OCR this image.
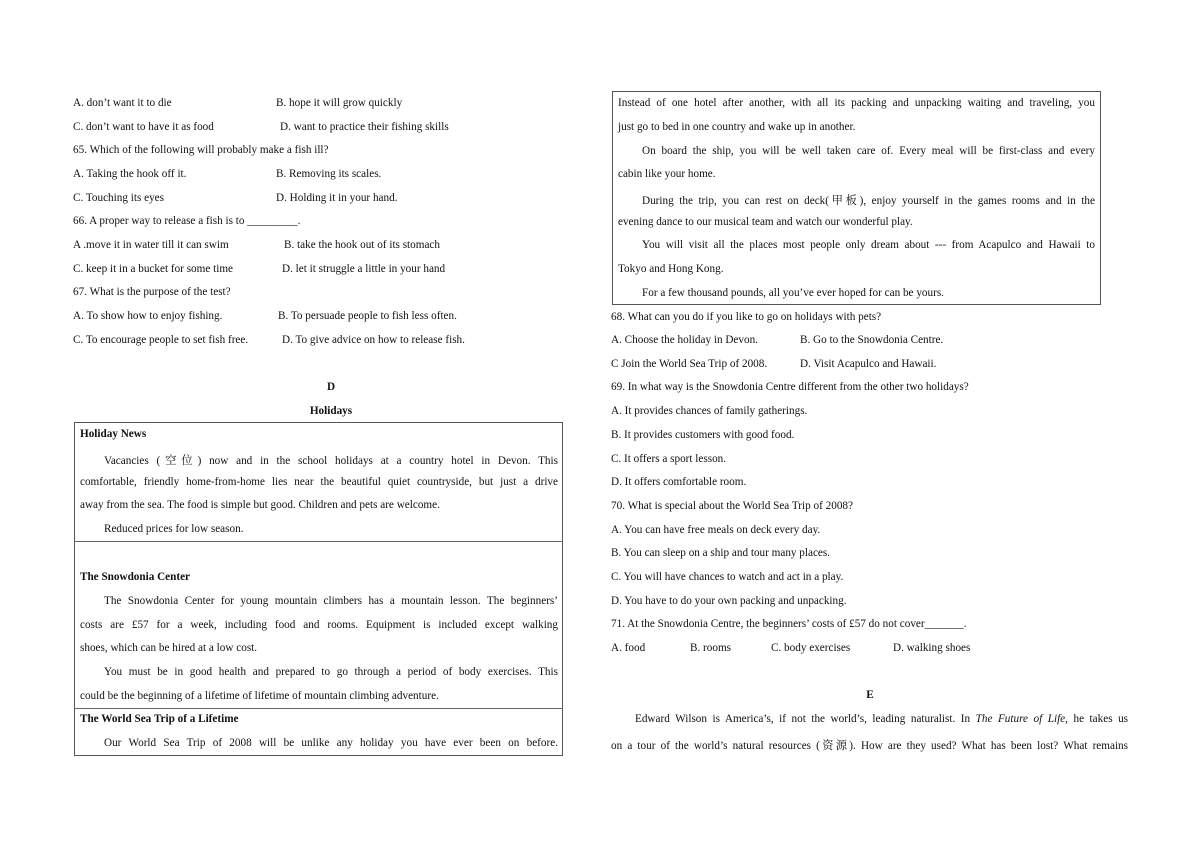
A. don’t want it to die	B. hope it will grow quickly
C. don’t want to have it as food	D. want to practice their fishing skills
65. Which of the following will probably make a fish ill?
A. Taking the hook off it.	B. Removing its scales.
C. Touching its eyes	D. Holding it in your hand.
66. A proper way to release a fish is to _________.
A .move it in water till it can swim	B. take the hook out of its stomach
C. keep it in a bucket for some time	D. let it struggle a little in your hand
67. What is the purpose of the test?
A. To show how to enjoy fishing.	B. To persuade people to fish less often.
C. To encourage people to set fish free.	D. To give advice on how to release fish.
D
Holidays
Holiday News
Vacancies (空位) now and in the school holidays at a country hotel in Devon. This
comfortable, friendly home-from-home lies near the beautiful quiet countryside, but just a drive
away from the sea. The food is simple but good. Children and pets are welcome.
Reduced prices for low season.
The Snowdonia Center
The Snowdonia Center for young mountain climbers has a mountain lesson. The beginners’
costs are £57 for a week, including food and rooms. Equipment is included except walking
shoes, which can be hired at a low cost.
You must be in good health and prepared to go through a period of body exercises. This
could be the beginning of a lifetime of lifetime of mountain climbing adventure.
The World Sea Trip of a Lifetime
Our World Sea Trip of 2008 will be unlike any holiday you have ever been on before.
Instead of one hotel after another, with all its packing and unpacking waiting and traveling, you
just go to bed in one country and wake up in another.
On board the ship, you will be well taken care of. Every meal will be first-class and every
cabin like your home.
During the trip, you can rest on deck(甲板), enjoy yourself in the games rooms and in the
evening dance to our musical team and watch our wonderful play.
You will visit all the places most people only dream about --- from Acapulco and Hawaii to
Tokyo and Hong Kong.
For a few thousand pounds, all you’ve ever hoped for can be yours.
68. What can you do if you like to go on holidays with pets?
A. Choose the holiday in Devon.	B. Go to the Snowdonia Centre.
C Join the World Sea Trip of 2008.	D. Visit Acapulco and Hawaii.
69. In what way is the Snowdonia Centre different from the other two holidays?
A. It provides chances of family gatherings.
B. It provides customers with good food.
C. It offers a sport lesson.
D. It offers comfortable room.
70. What is special about the World Sea Trip of 2008?
A. You can have free meals on deck every day.
B. You can sleep on a ship and tour many places.
C. You will have chances to watch and act in a play.
D. You have to do your own packing and unpacking.
71. At the Snowdonia Centre, the beginners’ costs of £57 do not cover_______.
A. food	B. rooms	C. body exercises	D. walking shoes
E
Edward Wilson is America’s, if not the world’s, leading naturalist. In The Future of Life, he takes us
on a tour of the world’s natural resources (资源). How are they used? What has been lost? What remains
